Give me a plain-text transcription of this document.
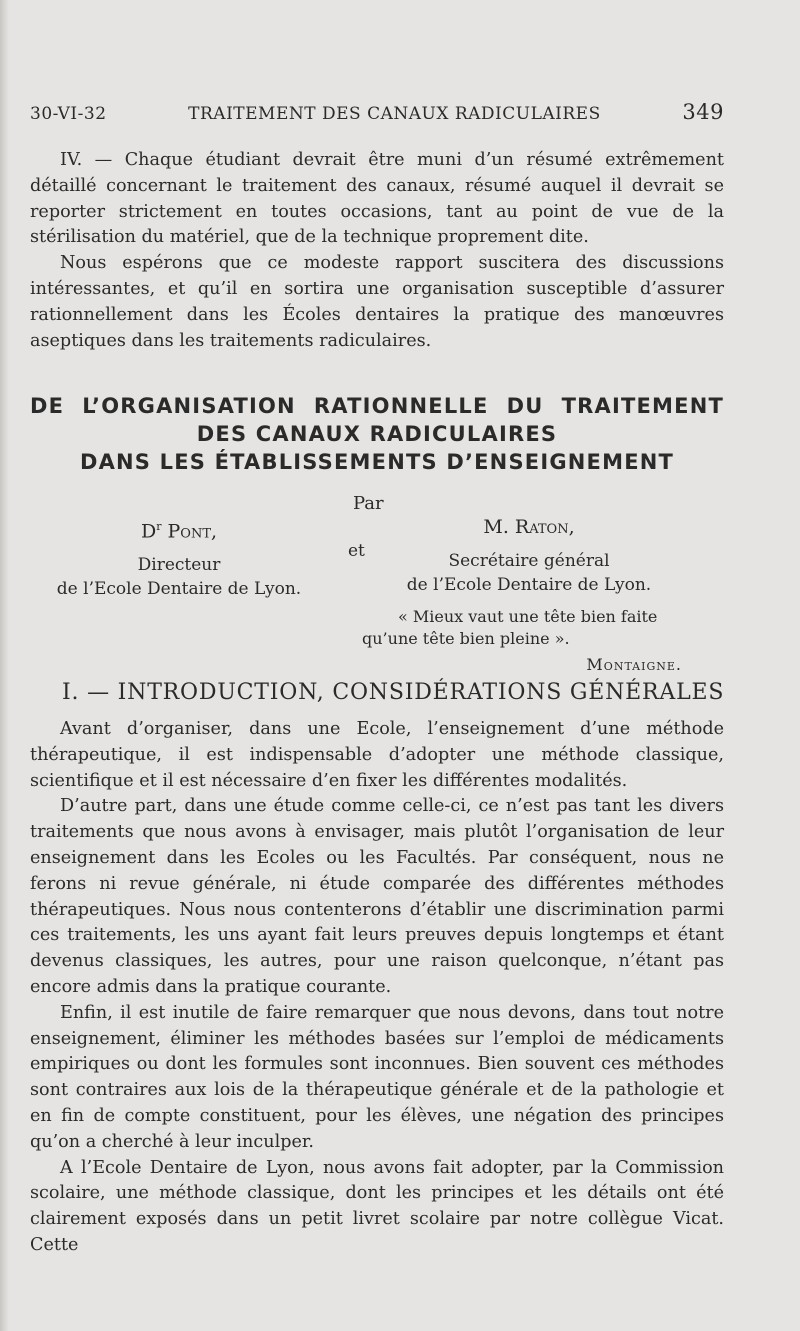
30-VI-32	TRAITEMENT DES CANAUX RADICULAIRES	349

IV. — Chaque étudiant devrait être muni d’un résumé extrêmement détaillé concernant le traitement des canaux, résumé auquel il devrait se reporter strictement en toutes occasions, tant au point de vue de la stérilisation du matériel, que de la technique proprement dite.

Nous espérons que ce modeste rapport suscitera des discussions intéressantes, et qu’il en sortira une organisation susceptible d’assurer rationnellement dans les Écoles dentaires la pratique des manœuvres aseptiques dans les traitements radiculaires.

DE L’ORGANISATION RATIONNELLE DU TRAITEMENT
DES CANAUX RADICULAIRES
DANS LES ÉTABLISSEMENTS D’ENSEIGNEMENT
Par
$D^r$ Pont,
Directeur
de l’Ecole Dentaire de Lyon.
et
M. Raton,
Secrétaire général
de l’Ecole Dentaire de Lyon.
« Mieux vaut une tête bien faite
qu’une tête bien pleine ».
Montaigne.
I. — INTRODUCTION, CONSIDÉRATIONS GÉNÉRALES

Avant d’organiser, dans une Ecole, l’enseignement d’une méthode thérapeutique, il est indispensable d’adopter une méthode classique, scientifique et il est nécessaire d’en fixer les différentes modalités.

D’autre part, dans une étude comme celle-ci, ce n’est pas tant les divers traitements que nous avons à envisager, mais plutôt l’organisation de leur enseignement dans les Ecoles ou les Facultés. Par conséquent, nous ne ferons ni revue générale, ni étude comparée des différentes méthodes thérapeutiques. Nous nous contenterons d’établir une discrimination parmi ces traitements, les uns ayant fait leurs preuves depuis longtemps et étant devenus classiques, les autres, pour une raison quelconque, n’étant pas encore admis dans la pratique courante.

Enfin, il est inutile de faire remarquer que nous devons, dans tout notre enseignement, éliminer les méthodes basées sur l’emploi de médicaments empiriques ou dont les formules sont inconnues. Bien souvent ces méthodes sont contraires aux lois de la thérapeutique générale et de la pathologie et en fin de compte constituent, pour les élèves, une négation des principes qu’on a cherché à leur inculper.

A l’Ecole Dentaire de Lyon, nous avons fait adopter, par la Commission scolaire, une méthode classique, dont les principes et les détails ont été clairement exposés dans un petit livret scolaire par notre collègue Vicat. Cette
